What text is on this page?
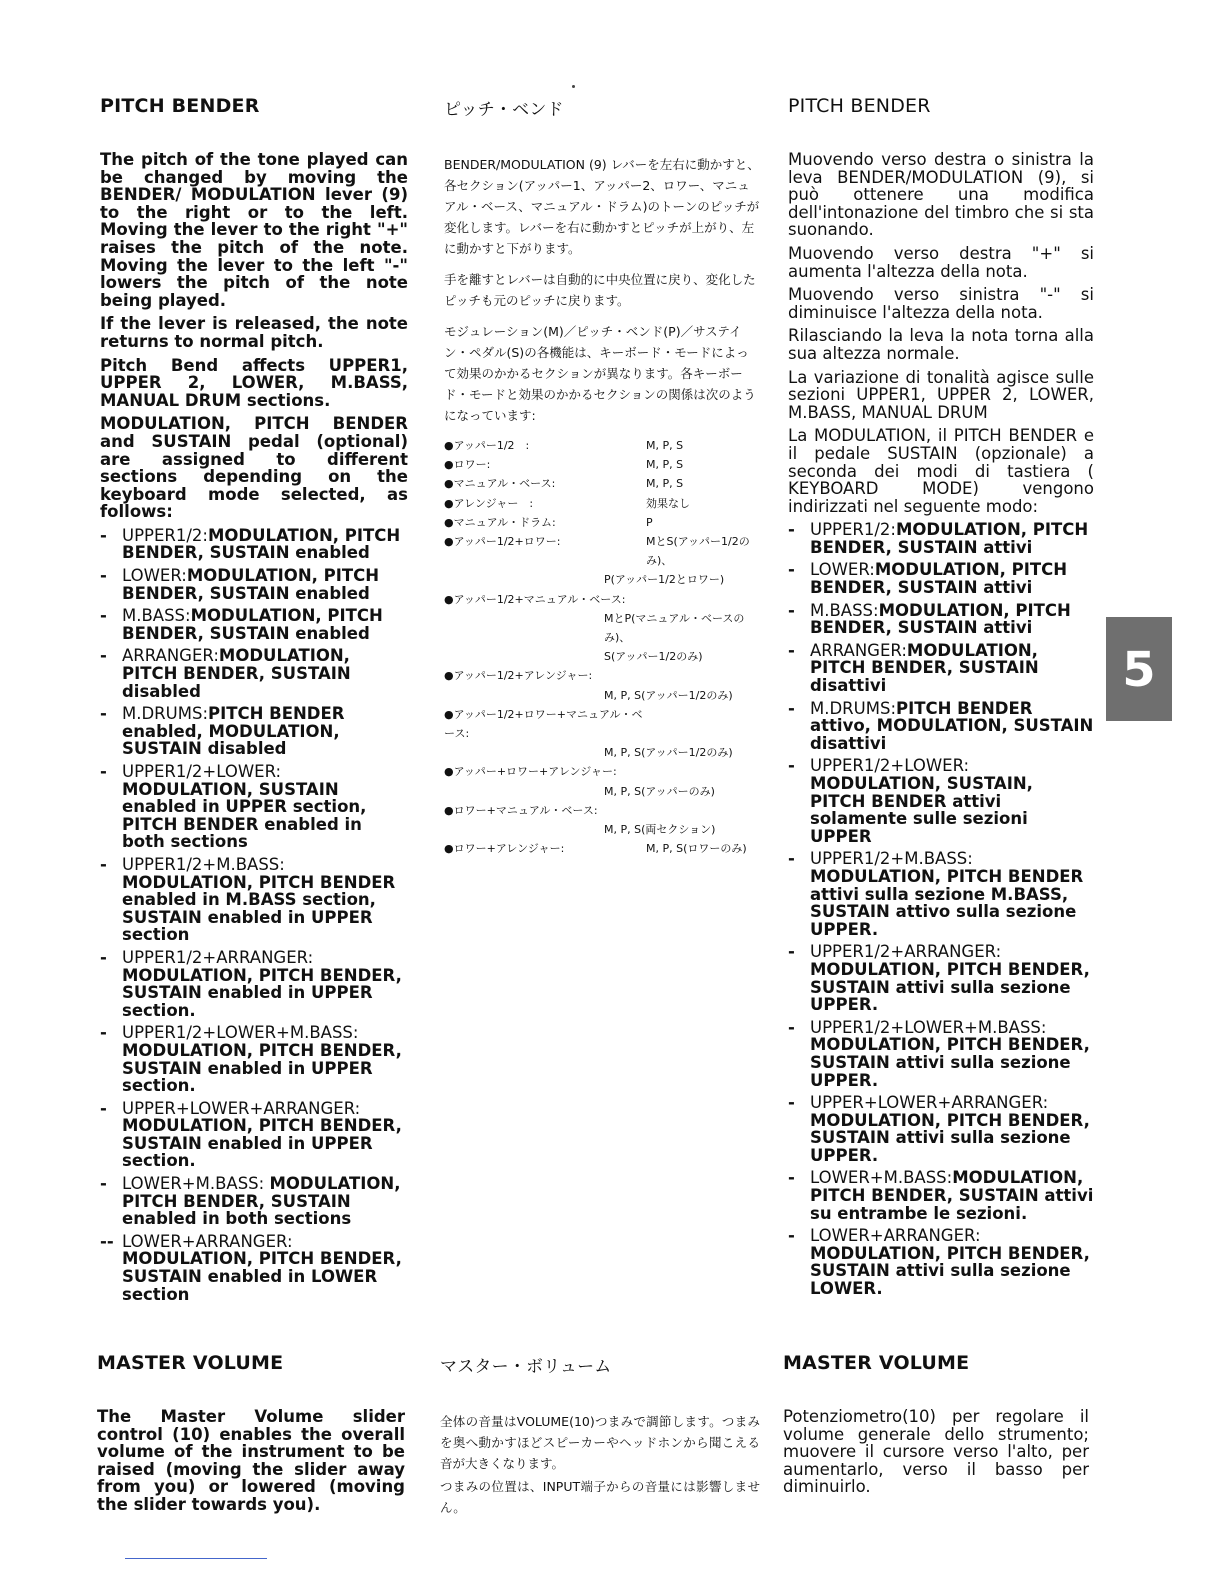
PITCH BENDER

The pitch of the tone played can be changed by moving the BENDER/ MODULATION lever (9) to the right or to the left. Moving the lever to the right "+" raises the pitch of the note. Moving the lever to the left "-" lowers the pitch of the note being played.

If the lever is released, the note returns to normal pitch.

Pitch Bend affects UPPER1, UPPER 2, LOWER, M.BASS, MANUAL DRUM sections.

MODULATION, PITCH BENDER and SUSTAIN pedal (optional) are assigned to different sections depending on the keyboard mode selected, as follows:

- UPPER1/2:MODULATION, PITCH BENDER, SUSTAIN enabled
- LOWER:MODULATION, PITCH BENDER, SUSTAIN enabled
- M.BASS:MODULATION, PITCH BENDER, SUSTAIN enabled
- ARRANGER:MODULATION, PITCH BENDER, SUSTAIN disabled
- M.DRUMS:PITCH BENDER enabled, MODULATION, SUSTAIN disabled
- UPPER1/2+LOWER: MODULATION, SUSTAIN enabled in UPPER section, PITCH BENDER enabled in both sections
- UPPER1/2+M.BASS: MODULATION, PITCH BENDER enabled in M.BASS section, SUSTAIN enabled in UPPER section
- UPPER1/2+ARRANGER: MODULATION, PITCH BENDER, SUSTAIN enabled in UPPER section.
- UPPER1/2+LOWER+M.BASS: MODULATION, PITCH BENDER, SUSTAIN enabled in UPPER section.
- UPPER+LOWER+ARRANGER: MODULATION, PITCH BENDER, SUSTAIN enabled in UPPER section.
- LOWER+M.BASS: MODULATION, PITCH BENDER, SUSTAIN enabled in both sections
-- LOWER+ARRANGER: MODULATION, PITCH BENDER, SUSTAIN enabled in LOWER section
ピッチ・ベンド

BENDER/MODULATION (9) レバーを左右に動かすと、各セクション(アッパー1、アッパー2、ロワー、マニュアル・ベース、マニュアル・ドラム)のトーンのピッチが変化します。レバーを右に動かすとピッチが上がり、左に動かすと下がります。

手を離すとレバーは自動的に中央位置に戻り、変化したピッチも元のピッチに戻ります。

モジュレーション(M)／ピッチ・ベンド(P)／サステイン・ペダル(S)の各機能は、キーボード・モードによって効果のかかるセクションが異なります。各キーボード・モードと効果のかかるセクションの関係は次のようになっています:

●アッパー1/2　:	M, P, S
●ロワー:	M, P, S
●マニュアル・ベース:	M, P, S
●アレンジャー　:	効果なし
●マニュアル・ドラム:	P
●アッパー1/2+ロワー:	MとS(アッパー1/2のみ)、
P(アッパー1/2とロワー)
●アッパー1/2+マニュアル・ベース:
MとP(マニュアル・ベースのみ)、
S(アッパー1/2のみ)
●アッパー1/2+アレンジャー:
M, P, S(アッパー1/2のみ)
●アッパー1/2+ロワー+マニュアル・ベース:
M, P, S(アッパー1/2のみ)
●アッパー+ロワー+アレンジャー:
M, P, S(アッパーのみ)
●ロワー+マニュアル・ベース:
M, P, S(両セクション)
●ロワー+アレンジャー:	M, P, S(ロワーのみ)
PITCH BENDER

Muovendo verso destra o sinistra la leva BENDER/MODULATION (9), si può ottenere una modifica dell'intonazione del timbro che si sta suonando.

Muovendo verso destra "+" si aumenta l'altezza della nota.

Muovendo verso sinistra "-" si diminuisce l'altezza della nota.

Rilasciando la leva la nota torna alla sua altezza normale.

La variazione di tonalità agisce sulle sezioni UPPER1, UPPER 2, LOWER, M.BASS, MANUAL DRUM

La MODULATION, il PITCH BENDER e il pedale SUSTAIN (opzionale) a seconda dei modi di tastiera ( KEYBOARD MODE) vengono indirizzati nel seguente modo:

- UPPER1/2:MODULATION, PITCH BENDER, SUSTAIN attivi
- LOWER:MODULATION, PITCH BENDER, SUSTAIN attivi
- M.BASS:MODULATION, PITCH BENDER, SUSTAIN attivi
- ARRANGER:MODULATION, PITCH BENDER, SUSTAIN disattivi
- M.DRUMS:PITCH BENDER attivo, MODULATION, SUSTAIN disattivi
- UPPER1/2+LOWER: MODULATION, SUSTAIN, PITCH BENDER attivi solamente sulle sezioni UPPER
- UPPER1/2+M.BASS: MODULATION, PITCH BENDER attivi sulla sezione M.BASS, SUSTAIN attivo sulla sezione UPPER.
- UPPER1/2+ARRANGER: MODULATION, PITCH BENDER, SUSTAIN attivi sulla sezione UPPER.
- UPPER1/2+LOWER+M.BASS: MODULATION, PITCH BENDER, SUSTAIN attivi sulla sezione UPPER.
- UPPER+LOWER+ARRANGER: MODULATION, PITCH BENDER, SUSTAIN attivi sulla sezione UPPER.
- LOWER+M.BASS:MODULATION, PITCH BENDER, SUSTAIN attivi su entrambe le sezioni.
- LOWER+ARRANGER: MODULATION, PITCH BENDER, SUSTAIN attivi sulla sezione LOWER.
5
MASTER VOLUME

The Master Volume slider control (10) enables the overall volume of the instrument to be raised (moving the slider away from you) or lowered (moving the slider towards you).

マスター・ボリューム

全体の音量はVOLUME(10)つまみで調節します。つまみを奥へ動かすほどスピーカーやヘッドホンから聞こえる音が大きくなります。

つまみの位置は、INPUT端子からの音量には影響しません。

MASTER VOLUME

Potenziometro(10) per regolare il volume generale dello strumento; muovere il cursore verso l'alto, per aumentarlo, verso il basso per diminuirlo.
